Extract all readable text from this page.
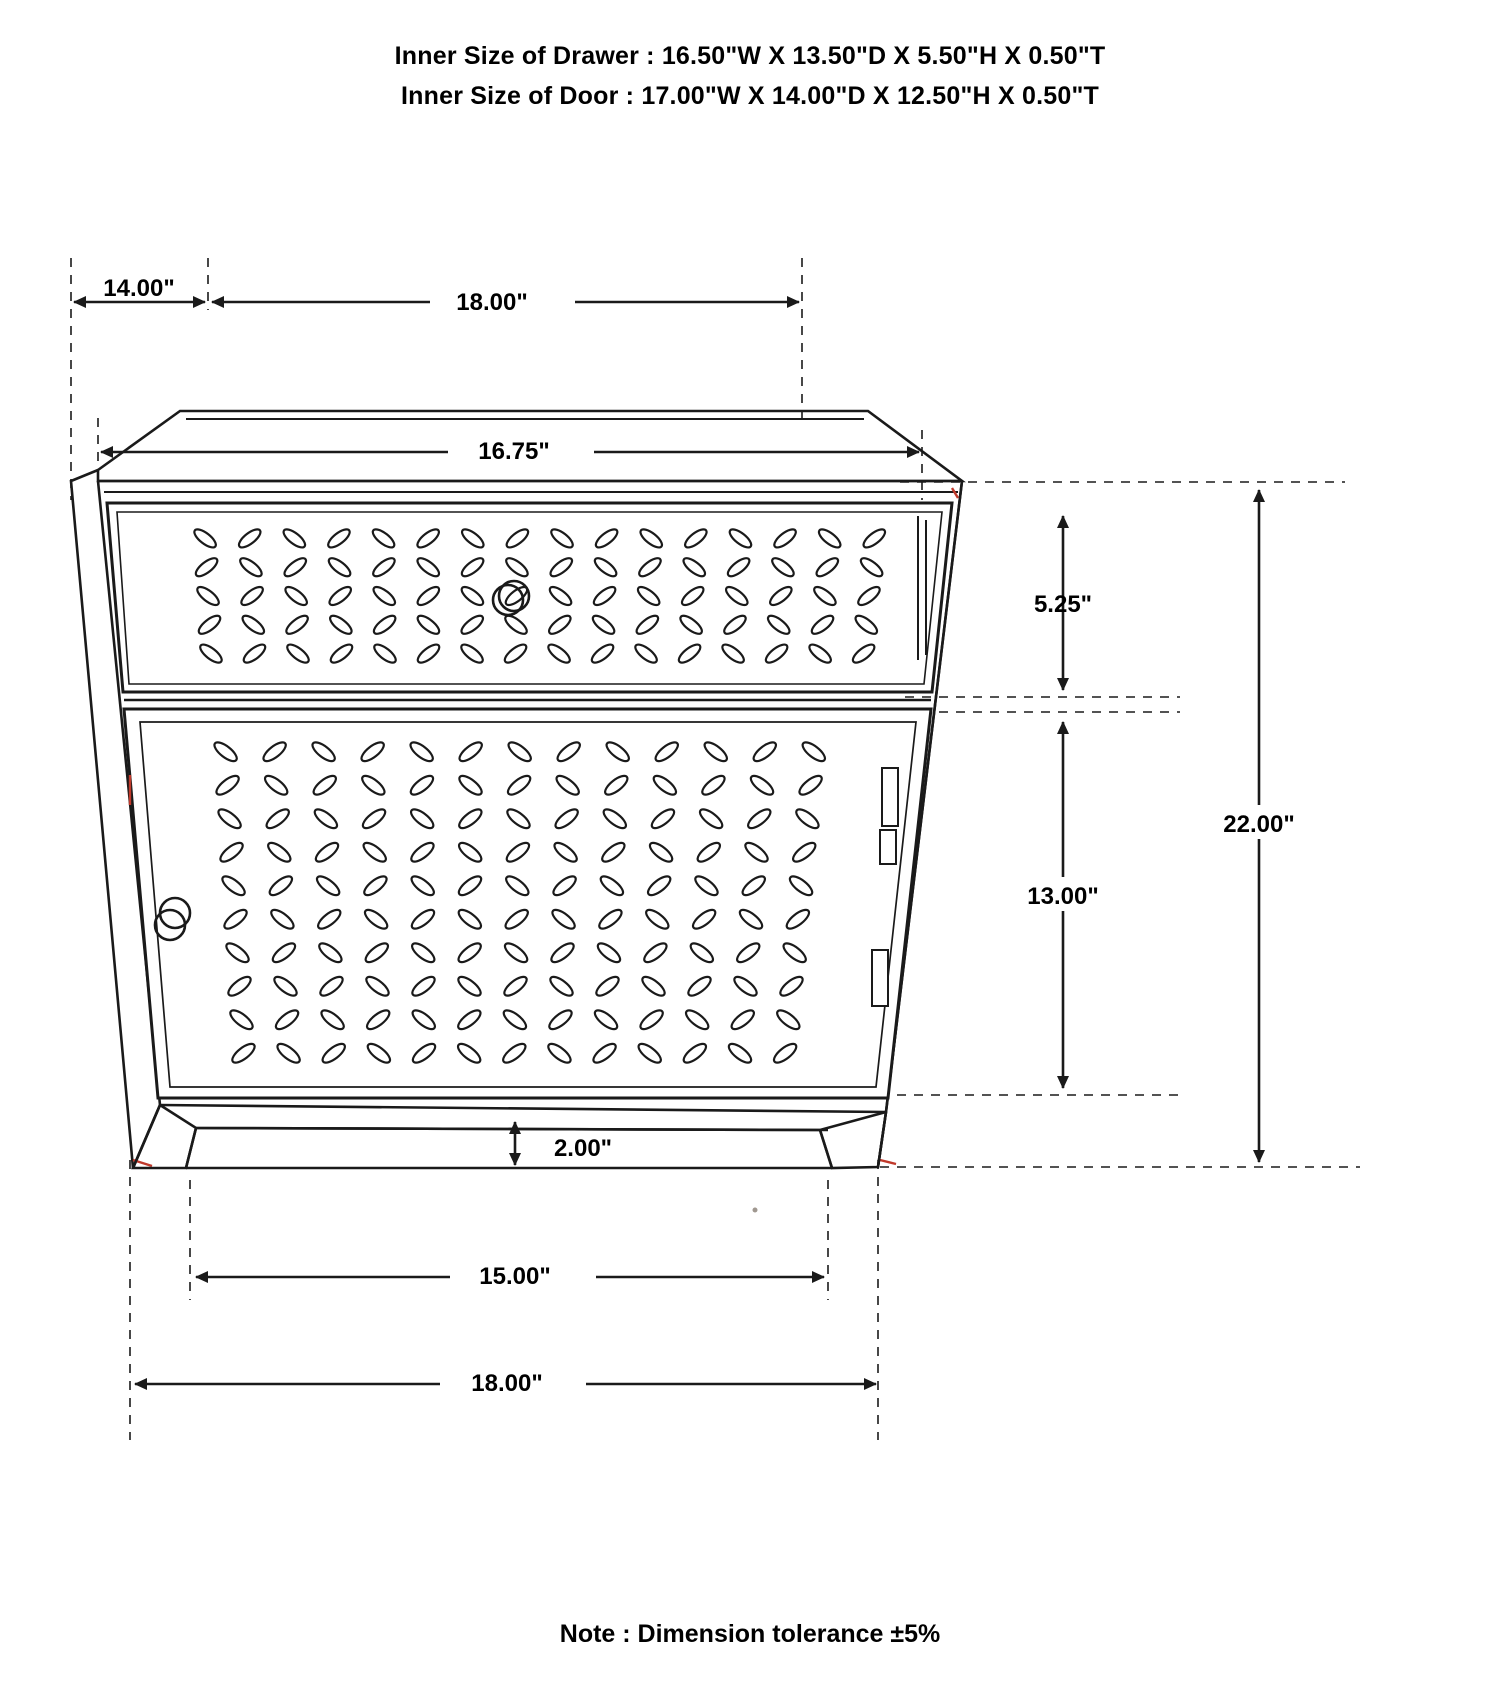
Inner Size of Drawer : 16.50"W X 13.50"D X 5.50"H X 0.50"T
Inner Size of Door : 17.00"W X 14.00"D X 12.50"H X 0.50"T
14.00"
18.00"
16.75"
5.25"
13.00"
22.00"
2.00"
15.00"
18.00"
Note : Dimension tolerance ±5%
